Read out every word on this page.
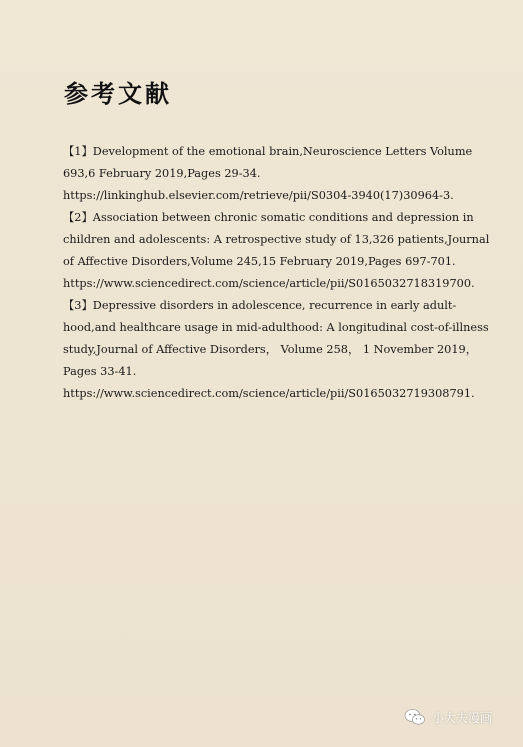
参考文献
【1】Development of the emotional brain,Neuroscience Letters Volume
693,6 February 2019,Pages 29-34.
https://linkinghub.elsevier.com/retrieve/pii/S0304-3940(17)30964-3.
【2】Association between chronic somatic conditions and depression in
children and adolescents: A retrospective study of 13,326 patients,Journal
of Affective Disorders,Volume 245,15 February 2019,Pages 697-701.
https://www.sciencedirect.com/science/article/pii/S0165032718319700.
【3】Depressive disorders in adolescence, recurrence in early adult-
hood,and healthcare usage in mid-adulthood: A longitudinal cost-of-illness
study,Journal of Affective Disorders， Volume 258， 1 November 2019，
Pages 33-41.
https://www.sciencedirect.com/science/article/pii/S0165032719308791.
小大夫漫画
